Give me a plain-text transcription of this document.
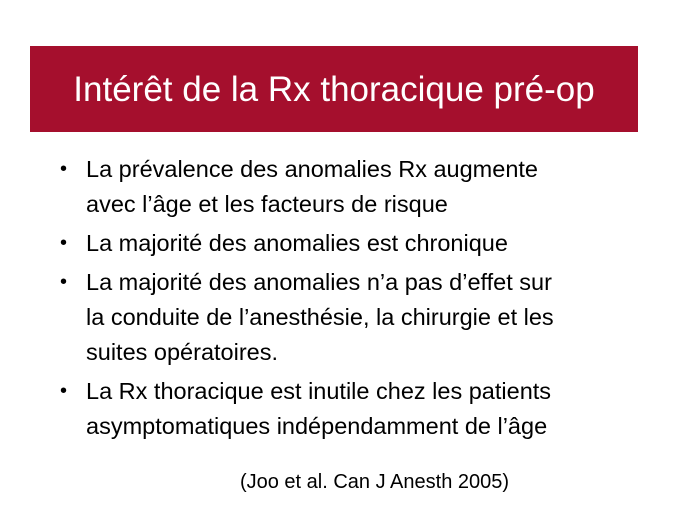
Intérêt de la Rx thoracique pré-op
• La prévalence des anomalies Rx augmente
avec l’âge et les facteurs de risque
• La majorité des anomalies est chronique
• La majorité des anomalies n’a pas d’effet sur
la conduite de l’anesthésie, la chirurgie et les
suites opératoires.
• La Rx thoracique est inutile chez les patients
asymptomatiques indépendamment de l’âge
(Joo et al. Can J Anesth 2005)
